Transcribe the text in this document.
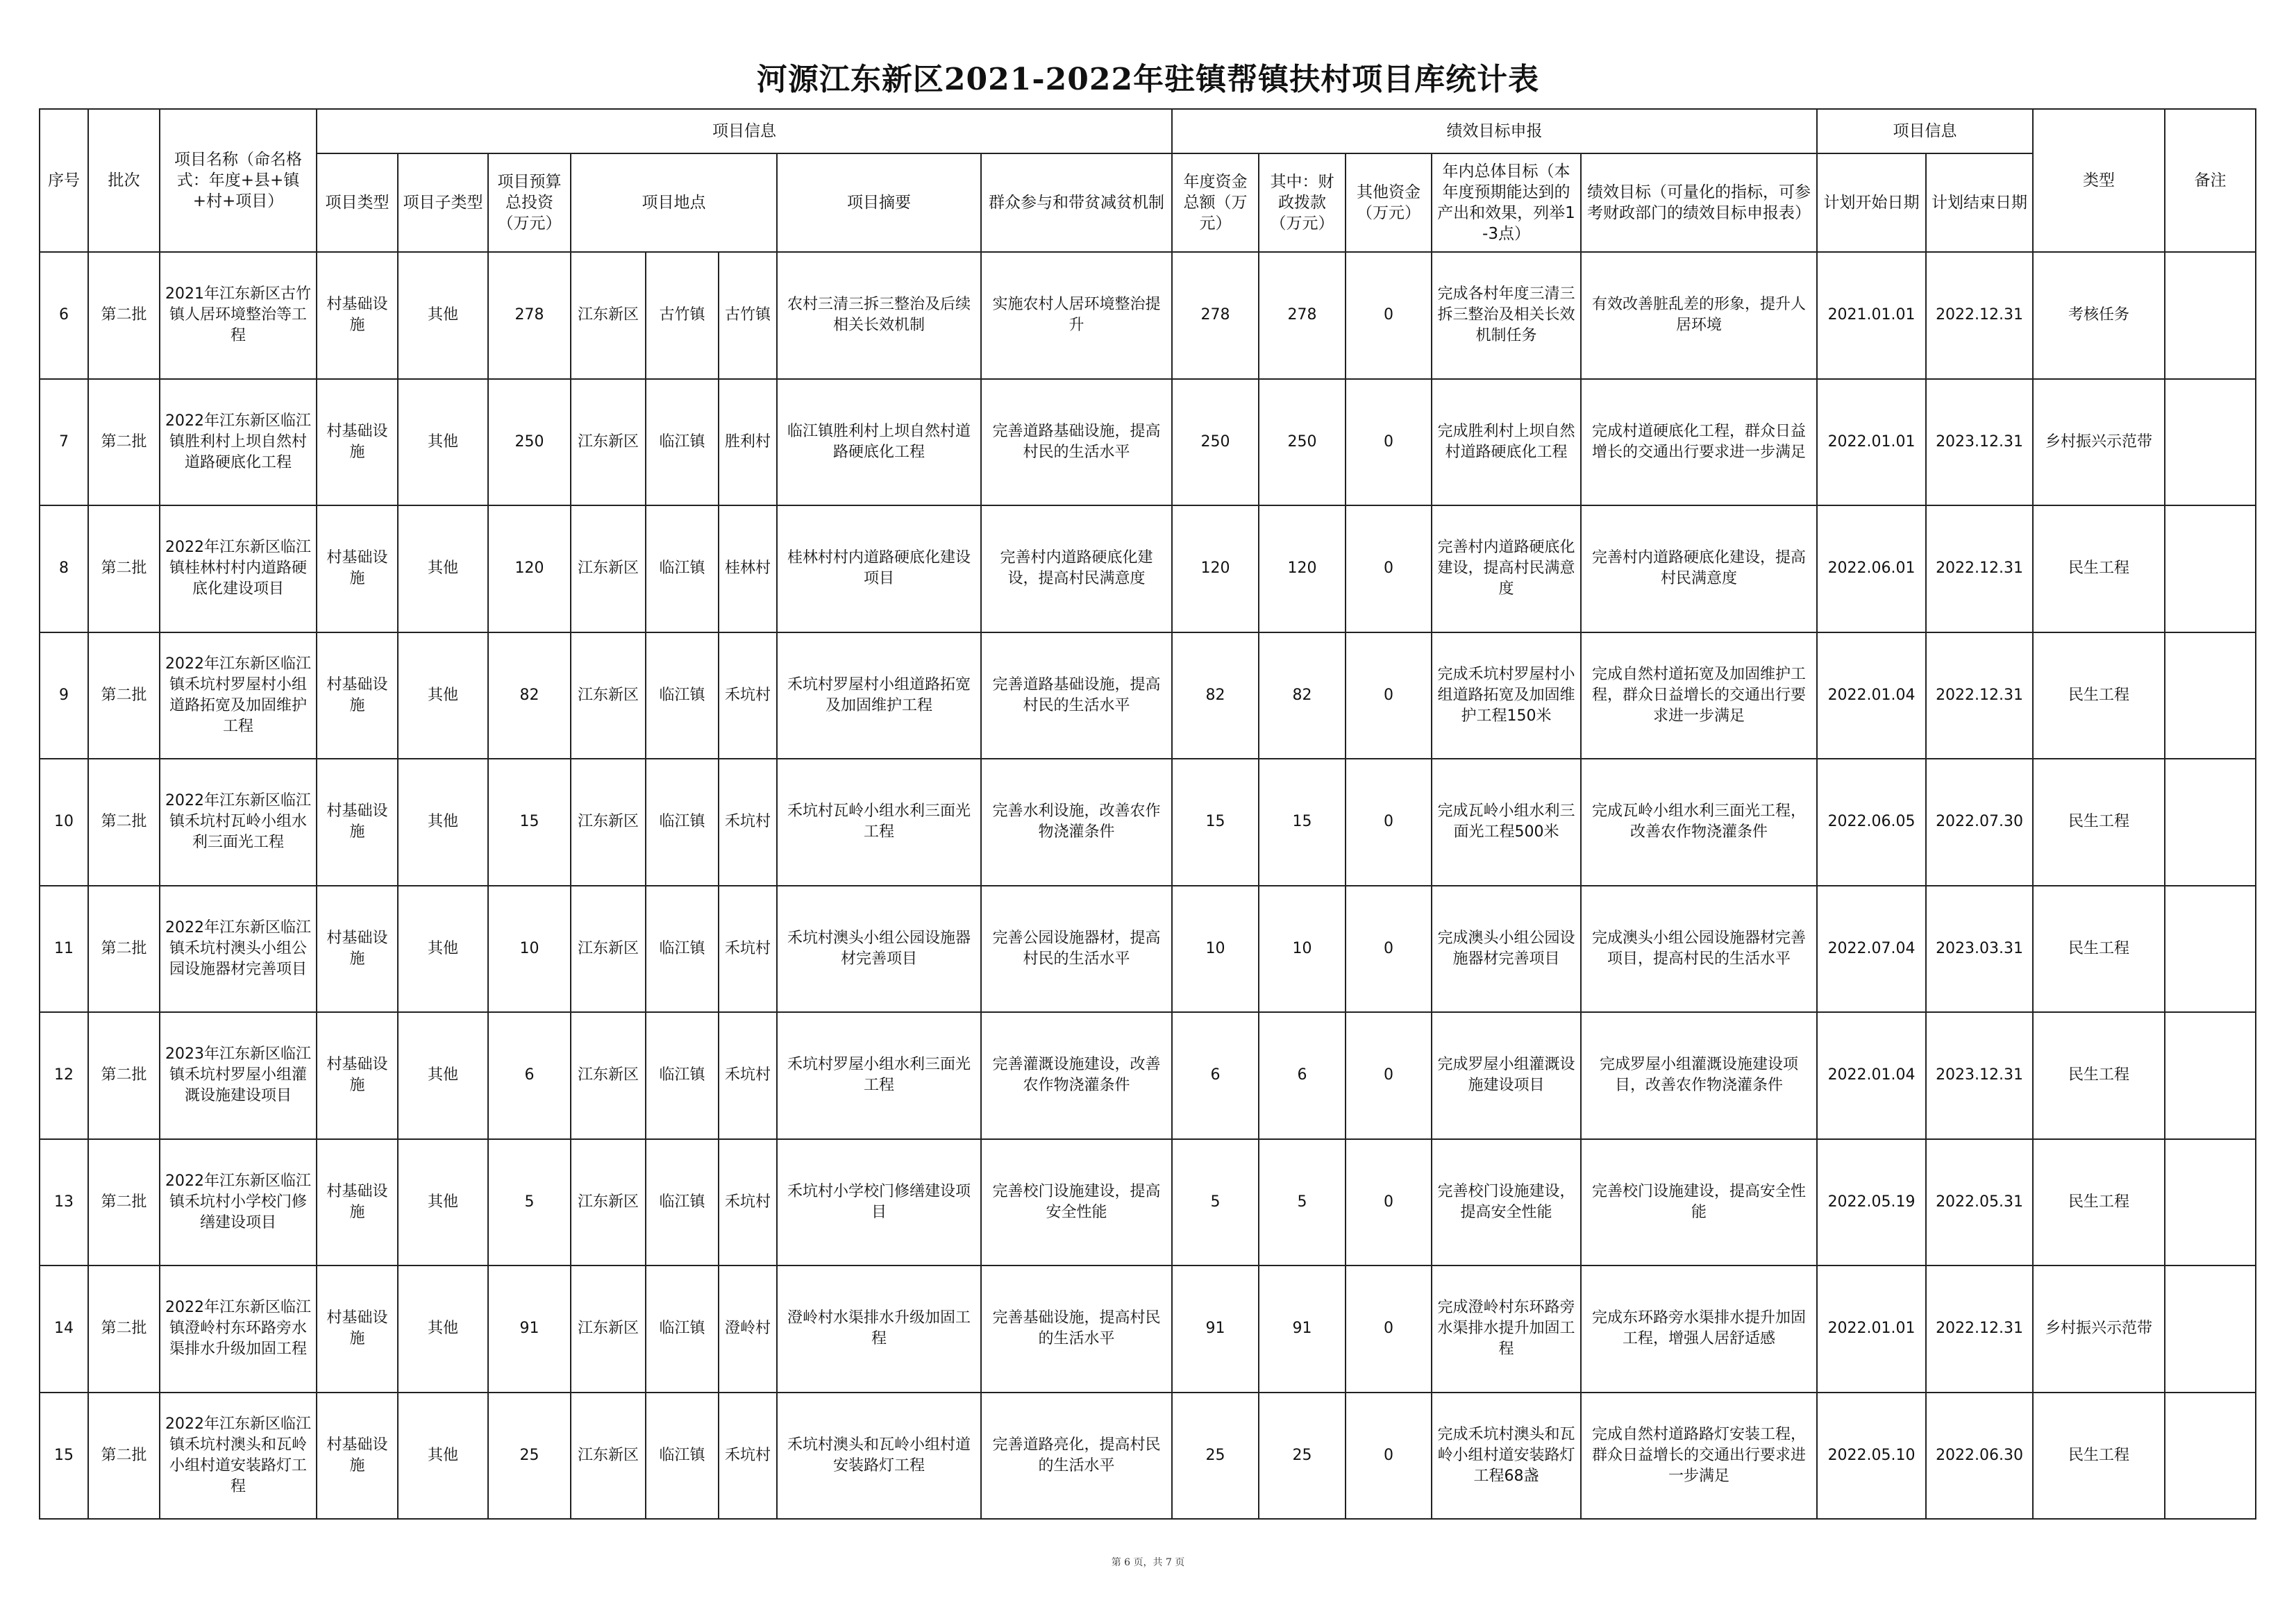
河源江东新区2021-2022年驻镇帮镇扶村项目库统计表
序号	批次	项目名称（命名格式：年度+县+镇+村+项目）	项目信息								绩效目标申报					项目信息		类型	备注
			项目类型	项目子类型	项目预算总投资（万元）	项目地点			项目摘要	群众参与和带贫减贫机制	年度资金总额（万元）	其中：财政拨款（万元）	其他资金（万元）	年内总体目标（本年度预期能达到的产出和效果，列举1-3点）	绩效目标（可量化的指标，可参考财政部门的绩效目标申报表）	计划开始日期	计划结束日期		
6	第二批	2021年江东新区古竹镇人居环境整治等工程	村基础设施	其他	278	江东新区	古竹镇	古竹镇	农村三清三拆三整治及后续相关长效机制	实施农村人居环境整治提升	278	278	0	完成各村年度三清三拆三整治及相关长效机制任务	有效改善脏乱差的形象，提升人居环境	2021.01.01	2022.12.31	考核任务	
7	第二批	2022年江东新区临江镇胜利村上坝自然村道路硬底化工程	村基础设施	其他	250	江东新区	临江镇	胜利村	临江镇胜利村上坝自然村道路硬底化工程	完善道路基础设施，提高村民的生活水平	250	250	0	完成胜利村上坝自然村道路硬底化工程	完成村道硬底化工程，群众日益增长的交通出行要求进一步满足	2022.01.01	2023.12.31	乡村振兴示范带	
8	第二批	2022年江东新区临江镇桂林村村内道路硬底化建设项目	村基础设施	其他	120	江东新区	临江镇	桂林村	桂林村村内道路硬底化建设项目	完善村内道路硬底化建设，提高村民满意度	120	120	0	完善村内道路硬底化建设，提高村民满意度	完善村内道路硬底化建设，提高村民满意度	2022.06.01	2022.12.31	民生工程	
9	第二批	2022年江东新区临江镇禾坑村罗屋村小组道路拓宽及加固维护工程	村基础设施	其他	82	江东新区	临江镇	禾坑村	禾坑村罗屋村小组道路拓宽及加固维护工程	完善道路基础设施，提高村民的生活水平	82	82	0	完成禾坑村罗屋村小组道路拓宽及加固维护工程150米	完成自然村道拓宽及加固维护工程，群众日益增长的交通出行要求进一步满足	2022.01.04	2022.12.31	民生工程	
10	第二批	2022年江东新区临江镇禾坑村瓦岭小组水利三面光工程	村基础设施	其他	15	江东新区	临江镇	禾坑村	禾坑村瓦岭小组水利三面光工程	完善水利设施，改善农作物浇灌条件	15	15	0	完成瓦岭小组水利三面光工程500米	完成瓦岭小组水利三面光工程，改善农作物浇灌条件	2022.06.05	2022.07.30	民生工程	
11	第二批	2022年江东新区临江镇禾坑村澳头小组公园设施器材完善项目	村基础设施	其他	10	江东新区	临江镇	禾坑村	禾坑村澳头小组公园设施器材完善项目	完善公园设施器材，提高村民的生活水平	10	10	0	完成澳头小组公园设施器材完善项目	完成澳头小组公园设施器材完善项目，提高村民的生活水平	2022.07.04	2023.03.31	民生工程	
12	第二批	2023年江东新区临江镇禾坑村罗屋小组灌溉设施建设项目	村基础设施	其他	6	江东新区	临江镇	禾坑村	禾坑村罗屋小组水利三面光工程	完善灌溉设施建设，改善农作物浇灌条件	6	6	0	完成罗屋小组灌溉设施建设项目	完成罗屋小组灌溉设施建设项目，改善农作物浇灌条件	2022.01.04	2023.12.31	民生工程	
13	第二批	2022年江东新区临江镇禾坑村小学校门修缮建设项目	村基础设施	其他	5	江东新区	临江镇	禾坑村	禾坑村小学校门修缮建设项目	完善校门设施建设，提高安全性能	5	5	0	完善校门设施建设，提高安全性能	完善校门设施建设，提高安全性能	2022.05.19	2022.05.31	民生工程	
14	第二批	2022年江东新区临江镇澄岭村东环路旁水渠排水升级加固工程	村基础设施	其他	91	江东新区	临江镇	澄岭村	澄岭村水渠排水升级加固工程	完善基础设施，提高村民的生活水平	91	91	0	完成澄岭村东环路旁水渠排水提升加固工程	完成东环路旁水渠排水提升加固工程，增强人居舒适感	2022.01.01	2022.12.31	乡村振兴示范带	
15	第二批	2022年江东新区临江镇禾坑村澳头和瓦岭小组村道安装路灯工程	村基础设施	其他	25	江东新区	临江镇	禾坑村	禾坑村澳头和瓦岭小组村道安装路灯工程	完善道路亮化，提高村民的生活水平	25	25	0	完成禾坑村澳头和瓦岭小组村道安装路灯工程68盏	完成自然村道路路灯安装工程，群众日益增长的交通出行要求进一步满足	2022.05.10	2022.06.30	民生工程	
第 6 页，共 7 页
